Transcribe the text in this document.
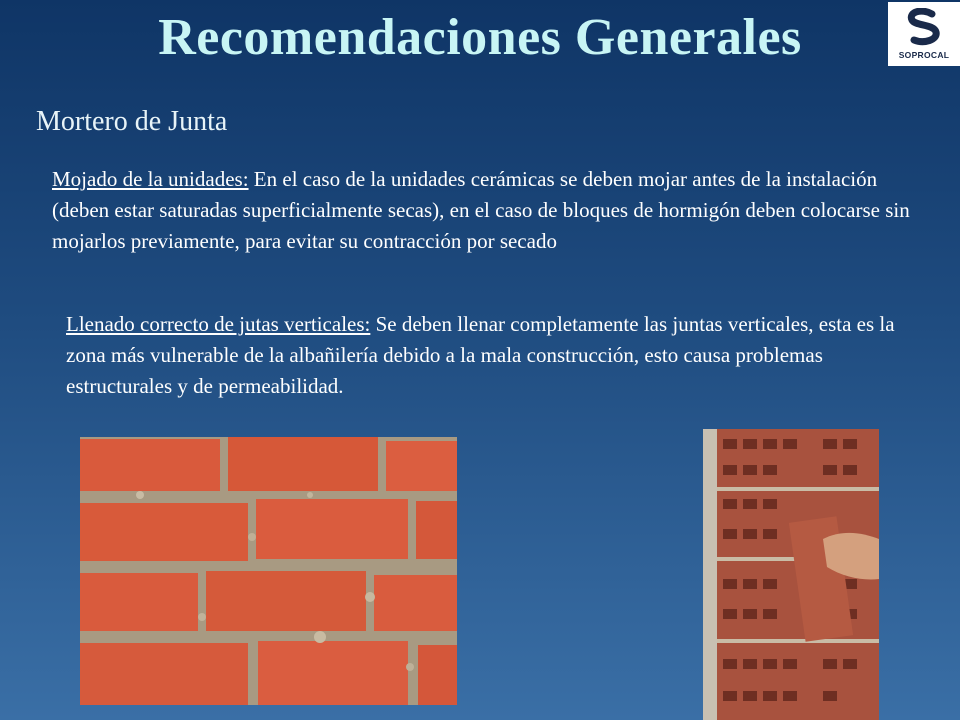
Recomendaciones Generales	SOPROCAL
Mortero de Junta
Mojado de la unidades: En el caso de la unidades cerámicas se deben mojar antes de la instalación (deben estar saturadas superficialmente secas), en el caso de bloques de hormigón deben colocarse sin mojarlos previamente, para evitar su contracción por secado
Llenado correcto de jutas verticales: Se deben llenar completamente las juntas verticales, esta es la zona más vulnerable de la albañilería debido a la mala construcción, esto causa problemas estructurales y de permeabilidad.
